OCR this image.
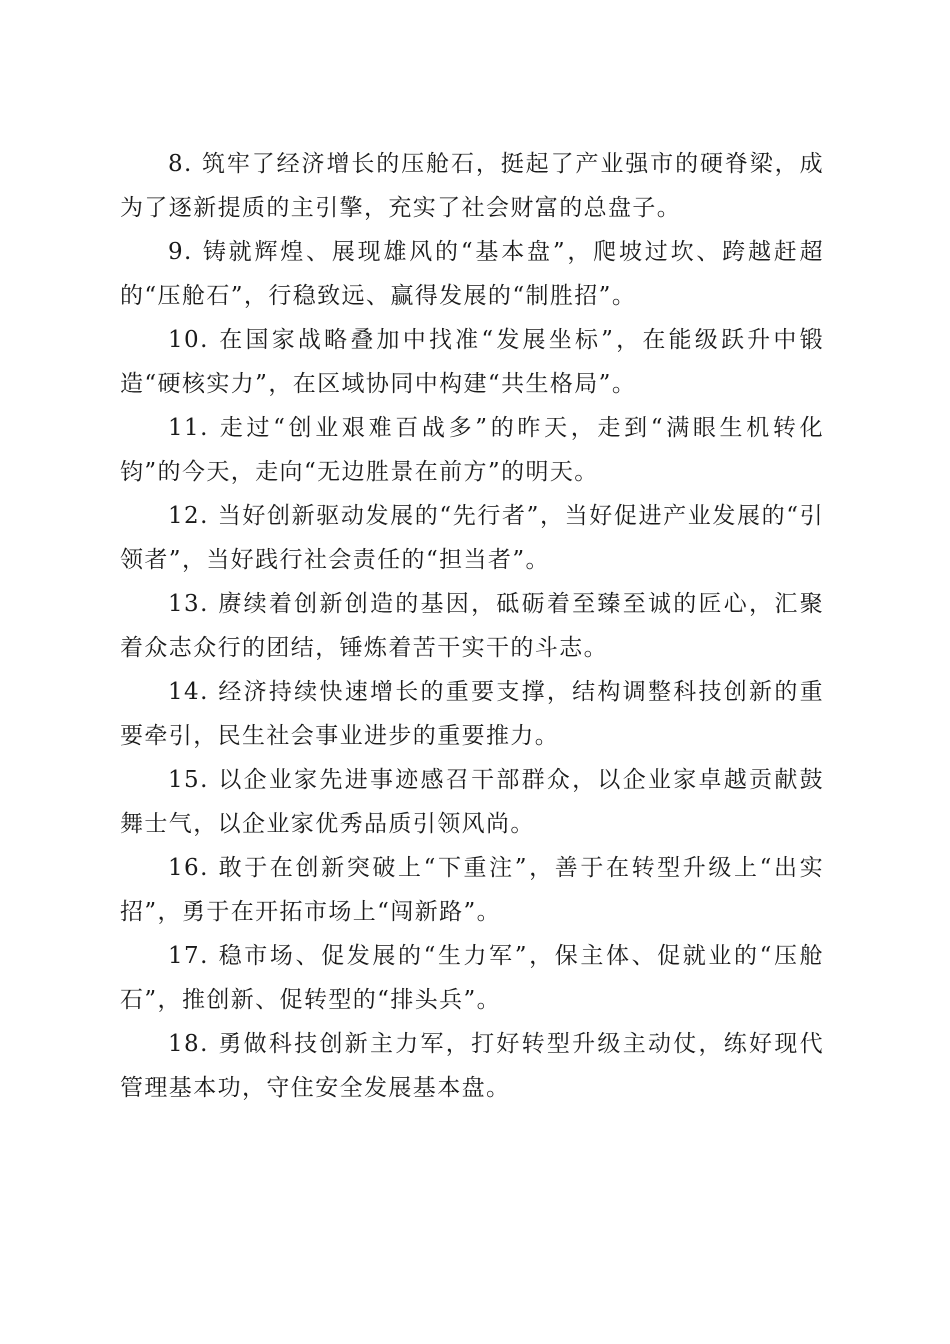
8. 筑牢了经济增长的压舱石，挺起了产业强市的硬脊梁，成为了逐新提质的主引擎，充实了社会财富的总盘子。

9. 铸就辉煌、展现雄风的“基本盘”，爬坡过坎、跨越赶超的“压舱石”，行稳致远、赢得发展的“制胜招”。

10. 在国家战略叠加中找准“发展坐标”，在能级跃升中锻造“硬核实力”，在区域协同中构建“共生格局”。

11. 走过“创业艰难百战多”的昨天，走到“满眼生机转化钧”的今天，走向“无边胜景在前方”的明天。

12. 当好创新驱动发展的“先行者”，当好促进产业发展的“引领者”，当好践行社会责任的“担当者”。

13. 赓续着创新创造的基因，砥砺着至臻至诚的匠心，汇聚着众志众行的团结，锤炼着苦干实干的斗志。

14. 经济持续快速增长的重要支撑，结构调整科技创新的重要牵引，民生社会事业进步的重要推力。

15. 以企业家先进事迹感召干部群众，以企业家卓越贡献鼓舞士气，以企业家优秀品质引领风尚。

16. 敢于在创新突破上“下重注”，善于在转型升级上“出实招”，勇于在开拓市场上“闯新路”。

17. 稳市场、促发展的“生力军”，保主体、促就业的“压舱石”，推创新、促转型的“排头兵”。

18. 勇做科技创新主力军，打好转型升级主动仗，练好现代管理基本功，守住安全发展基本盘。
